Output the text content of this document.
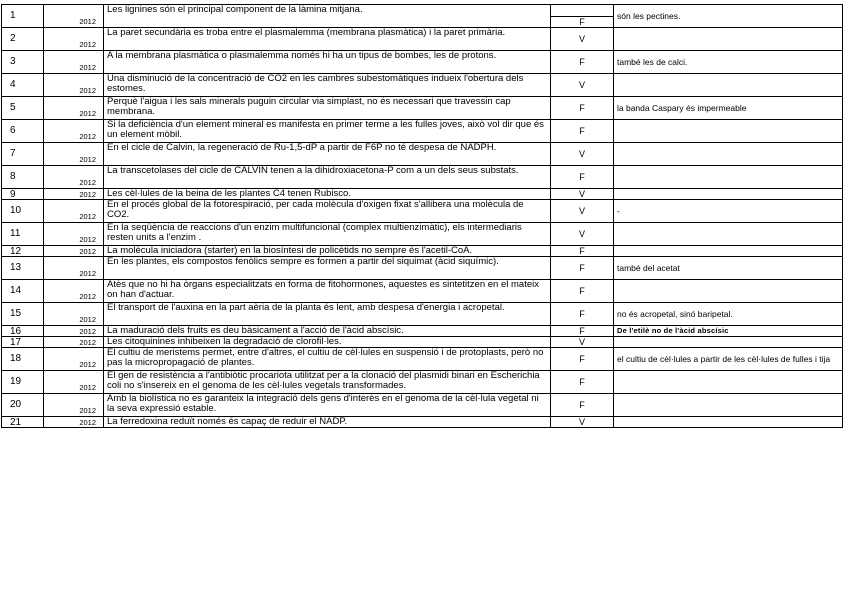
1	2012	Les lignines són el principal component de la làmina mitjana.	F	són les pectines.
2	2012	La paret secundària es troba entre el plasmalemma (membrana plasmàtica) i la paret primària.	V	
3	2012	A la membrana plasmàtica o plasmalemma només hi ha un tipus de bombes, les de protons.	F	també les de calci.
4	2012	Una disminució de la concentració de CO2 en les cambres subestomàtiques indueix l'obertura dels estomes.	V	
5	2012	Perquè l'aigua i les sals minerals puguin circular via simplast, no és necessari que travessin cap membrana.	F	la banda Caspary és impermeable
6	2012	Si la deficiència d'un element mineral es manifesta en primer terme a les fulles joves, això vol dir que és un element mòbil.	F	
7	2012	En el cicle de Calvin, la regeneració de Ru-1,5-dP a partir de F6P no té despesa de NADPH.	V	
8	2012	La transcetolases del cicle de CALVIN tenen a la dihidroxiacetona-P com a un dels seus substats.	F	
9	2012	Les cèl·lules de la beina de les plantes C4 tenen Rubisco.	V	
10	2012	En el procés global de la fotorespiració, per cada molècula d'oxigen fixat s'allibera una molècula de CO2.	V	-
11	2012	En la seqüència de reaccions d'un enzim multifuncional (complex multienzimàtic), els intermediaris resten units a l'enzim .	V	
12	2012	La molècula iniciadora (starter) en la biosíntesi de policètids no sempre és l'acetil-CoA.	F	
13	2012	En les plantes, els compostos fenòlics sempre es formen a partir del siquimat (àcid siquímic).	F	també del acetat
14	2012	Atès que no hi ha òrgans especialitzats en forma de fitohormones, aquestes es sintetitzen en el mateix on han d'actuar.	F	
15	2012	El transport de l'auxina en la part aèria de la planta és lent, amb despesa d'energia i acropetal.	F	no és acropetal, sinó baripetal.
16	2012	La maduració dels fruits es deu bàsicament a l'acció de l'àcid abscísic.	F	De l'etilè no de l'àcid abscísic
17	2012	Les citoquinines inhibeixen la degradació de clorofil·les.	V	
18	2012	El cultiu de meristems permet, entre d'altres, el cultiu de cèl·lules en suspensió i de protoplasts, però no pas la micropropagació de plantes.	F	el cultiu de cèl·lules a partir de les cèl·lules de fulles i tija
19	2012	El gen de resistència a l'antibiòtic procariota utilitzat per a la clonació del plasmidi binari en Escherichia coli no s'insereix en el genoma de les cèl·lules vegetals transformades.	F	
20	2012	Amb la biolística no es garanteix la integració dels gens d'interès en el genoma de la cèl·lula vegetal ni la seva expressió estable.	F	
21	2012	La ferredoxina reduït només és capaç de reduir el NADP.	V	
